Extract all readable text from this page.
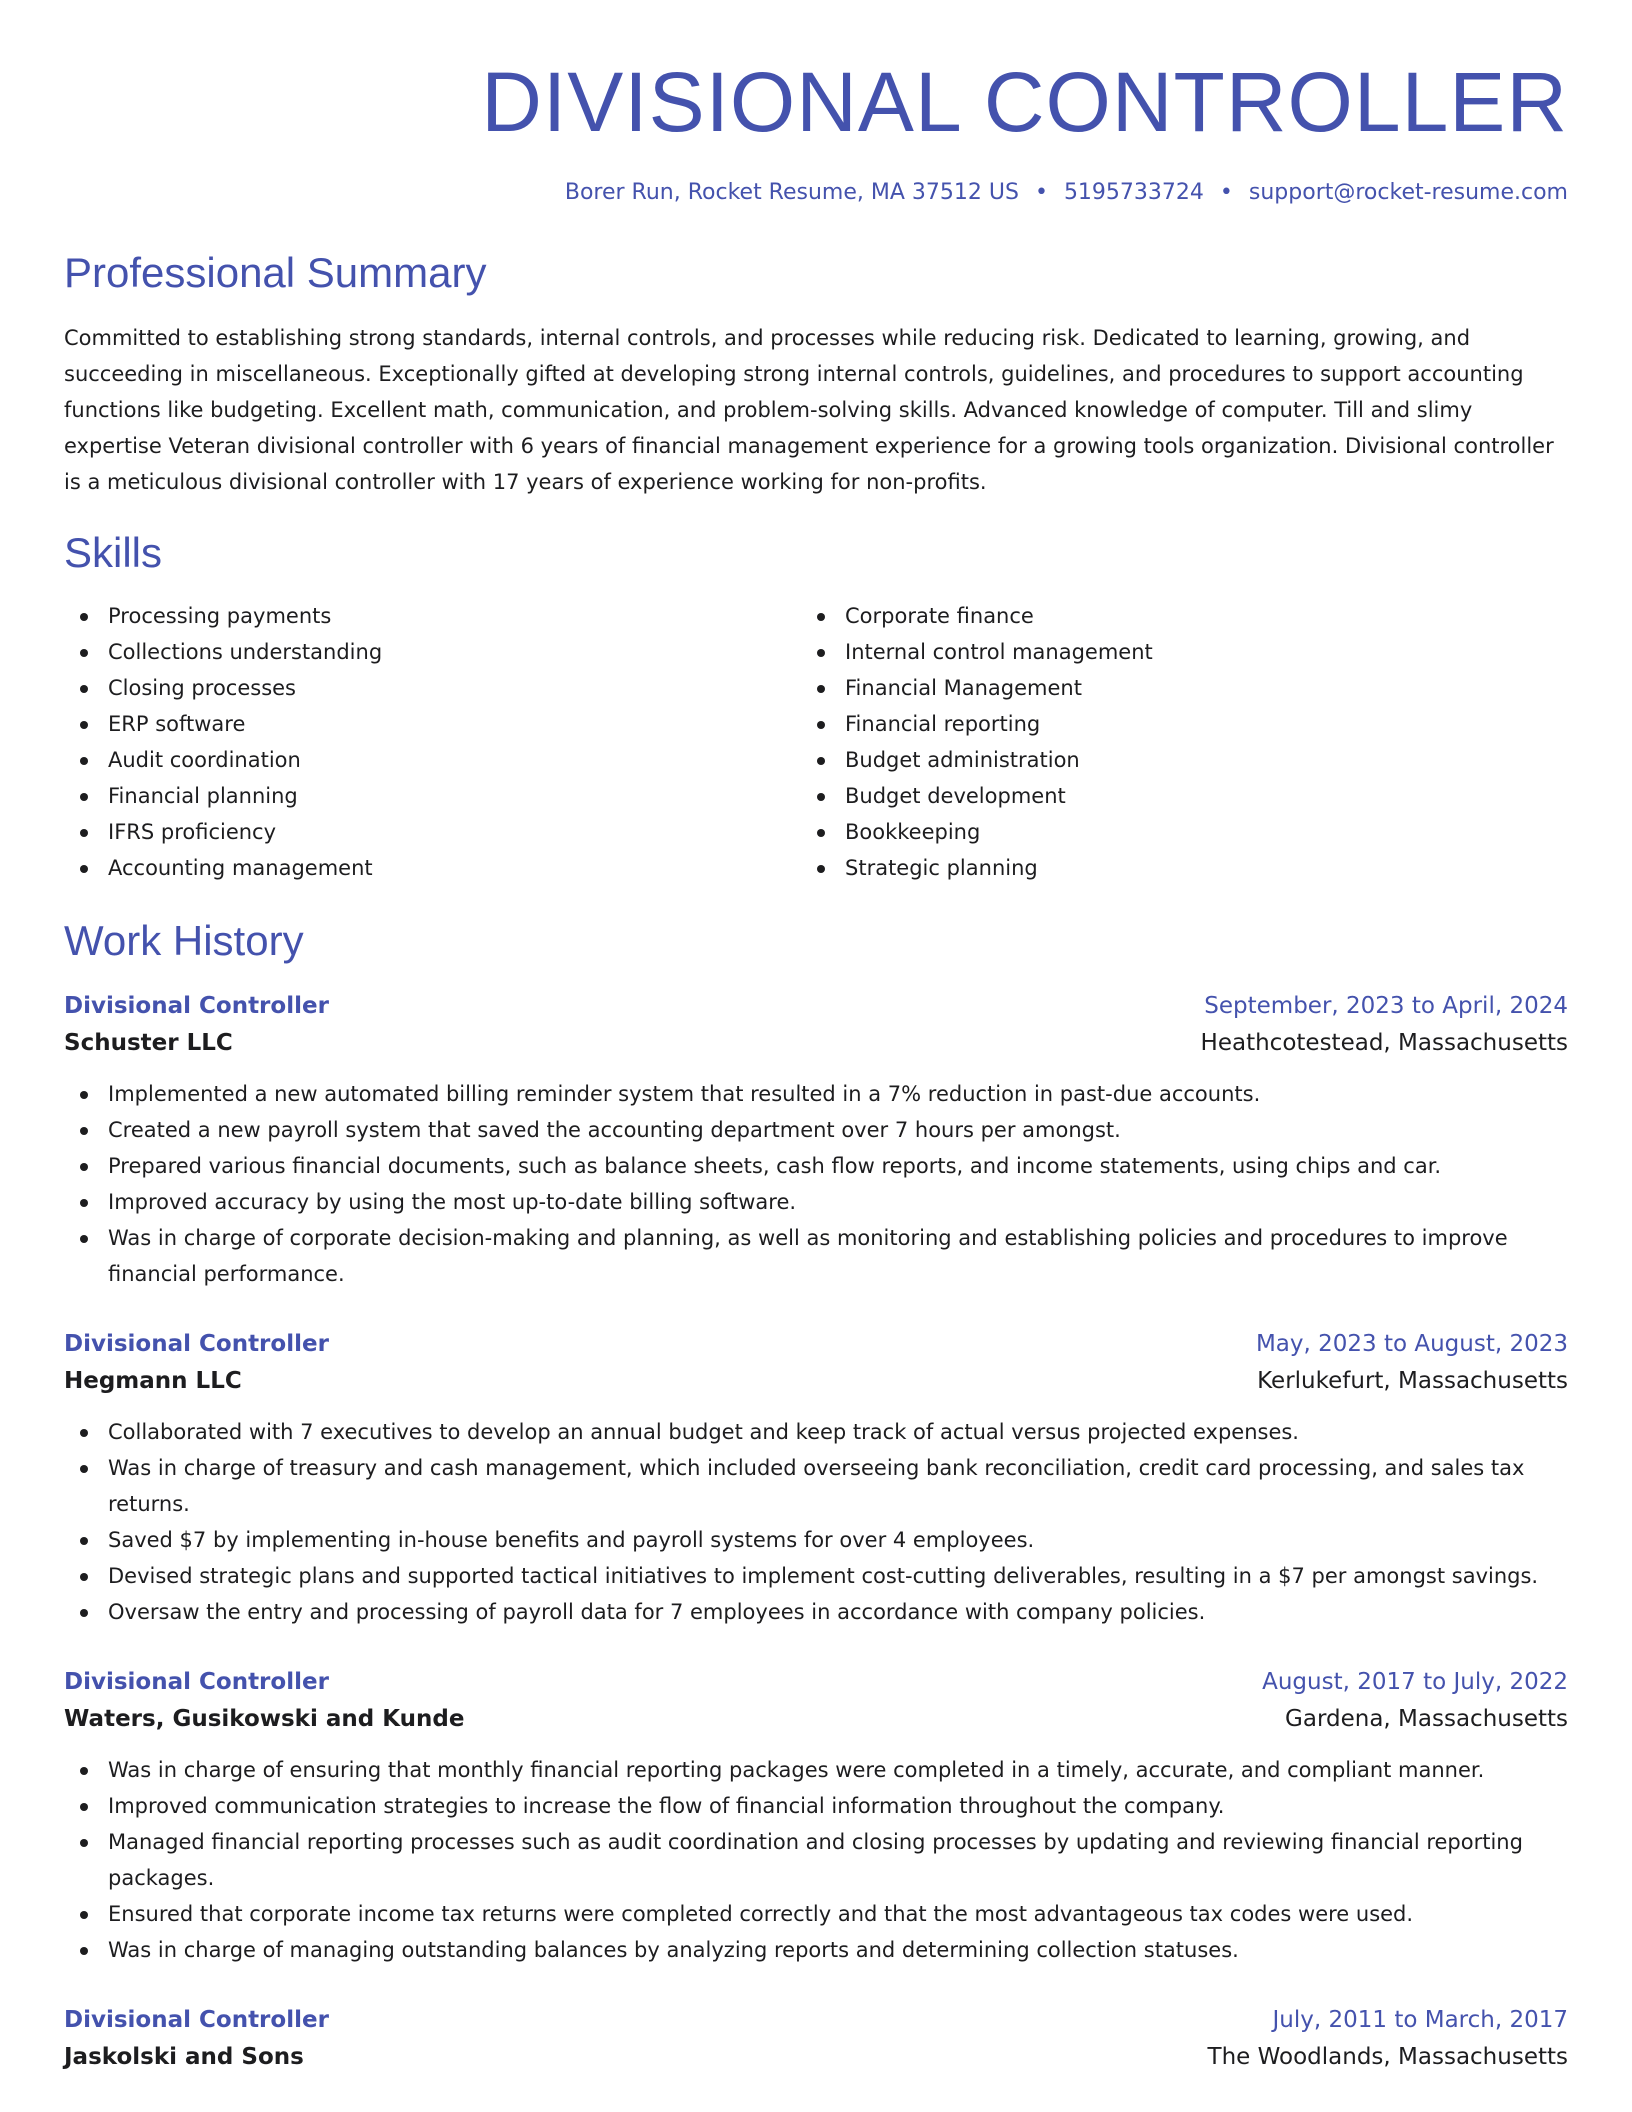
DIVISIONAL CONTROLLER
Borer Run, Rocket Resume, MA 37512 US • 5195733724 • support@rocket-resume.com
Professional Summary

Committed to establishing strong standards, internal controls, and processes while reducing risk. Dedicated to learning, growing, and succeeding in miscellaneous. Exceptionally gifted at developing strong internal controls, guidelines, and procedures to support accounting functions like budgeting. Excellent math, communication, and problem-solving skills. Advanced knowledge of computer. Till and slimy expertise Veteran divisional controller with 6 years of financial management experience for a growing tools organization. Divisional controller is a meticulous divisional controller with 17 years of experience working for non-profits.

Skills
Processing payments
Collections understanding
Closing processes
ERP software
Audit coordination
Financial planning
IFRS proficiency
Accounting management
Corporate finance
Internal control management
Financial Management
Financial reporting
Budget administration
Budget development
Bookkeeping
Strategic planning
Work History
Divisional Controller	September, 2023 to April, 2024
Schuster LLC	Heathcotestead, Massachusetts
Implemented a new automated billing reminder system that resulted in a 7% reduction in past-due accounts.
Created a new payroll system that saved the accounting department over 7 hours per amongst.
Prepared various financial documents, such as balance sheets, cash flow reports, and income statements, using chips and car.
Improved accuracy by using the most up-to-date billing software.
Was in charge of corporate decision-making and planning, as well as monitoring and establishing policies and procedures to improve financial performance.
Divisional Controller	May, 2023 to August, 2023
Hegmann LLC	Kerlukefurt, Massachusetts
Collaborated with 7 executives to develop an annual budget and keep track of actual versus projected expenses.
Was in charge of treasury and cash management, which included overseeing bank reconciliation, credit card processing, and sales tax returns.
Saved $7 by implementing in-house benefits and payroll systems for over 4 employees.
Devised strategic plans and supported tactical initiatives to implement cost-cutting deliverables, resulting in a $7 per amongst savings.
Oversaw the entry and processing of payroll data for 7 employees in accordance with company policies.
Divisional Controller	August, 2017 to July, 2022
Waters, Gusikowski and Kunde	Gardena, Massachusetts
Was in charge of ensuring that monthly financial reporting packages were completed in a timely, accurate, and compliant manner.
Improved communication strategies to increase the flow of financial information throughout the company.
Managed financial reporting processes such as audit coordination and closing processes by updating and reviewing financial reporting packages.
Ensured that corporate income tax returns were completed correctly and that the most advantageous tax codes were used.
Was in charge of managing outstanding balances by analyzing reports and determining collection statuses.
Divisional Controller	July, 2011 to March, 2017
Jaskolski and Sons	The Woodlands, Massachusetts
